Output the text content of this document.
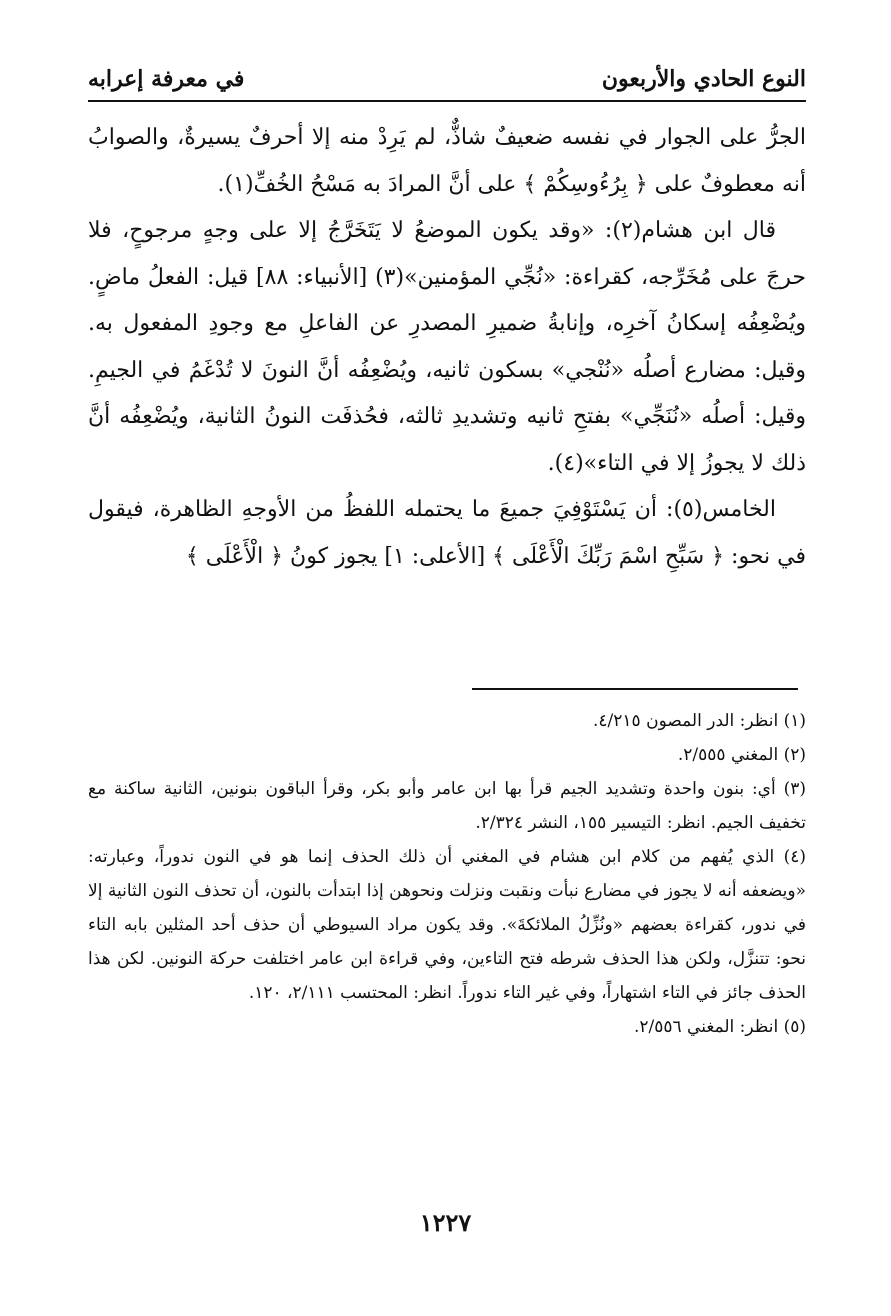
النوع الحادي والأربعون
في معرفة إعرابه

الجرُّ على الجوار في نفسه ضعيفٌ شاذٌّ، لم يَرِدْ منه إلا أحرفٌ يسيرةٌ، والصوابُ أنه معطوفٌ على ﴿ بِرُءُوسِكُمْ ﴾ على أنَّ المرادَ به مَسْحُ الخُفِّ(١).

قال ابن هشام(٢): «وقد يكون الموضعُ لا يَتَخَرَّجُ إلا على وجهٍ مرجوحٍ، فلا حرجَ على مُخَرِّجه، كقراءة: «نُجِّي المؤمنين»(٣) [الأنبياء: ٨٨] قيل: الفعلُ ماضٍ. ويُضْعِفُه إسكانُ آخرِه، وإنابةُ ضميرِ المصدرِ عن الفاعلِ مع وجودِ المفعول به. وقيل: مضارع أصلُه «نُنْجي» بسكون ثانيه، ويُضْعِفُه أنَّ النونَ لا تُدْغَمُ في الجيمِ. وقيل: أصلُه «نُنَجِّي» بفتحِ ثانيه وتشديدِ ثالثه، فحُذفَت النونُ الثانية، ويُضْعِفُه أنَّ ذلك لا يجوزُ إلا في التاء»(٤).

الخامس(٥): أن يَسْتَوْفِيَ جميعَ ما يحتمله اللفظُ من الأوجهِ الظاهرة، فيقول في نحو: ﴿ سَبِّحِ اسْمَ رَبِّكَ الْأَعْلَى ﴾ [الأعلى: ١] يجوز كونُ ﴿ الْأَعْلَى ﴾

(١) انظر: الدر المصون ٤/٢١٥.

(٢) المغني ٢/٥٥٥.

(٣) أي: بنون واحدة وتشديد الجيم قرأ بها ابن عامر وأبو بكر، وقرأ الباقون بنونين، الثانية ساكنة مع تخفيف الجيم. انظر: التيسير ١٥٥، النشر ٢/٣٢٤.

(٤) الذي يُفهم من كلام ابن هشام في المغني أن ذلك الحذف إنما هو في النون ندوراً، وعبارته: «ويضعفه أنه لا يجوز في مضارع نبأت ونقبت ونزلت ونحوهن إذا ابتدأت بالنون، أن تحذف النون الثانية إلا في ندور، كقراءة بعضهم «ونُزِّلُ الملائكةَ». وقد يكون مراد السيوطي أن حذف أحد المثلين بابه التاء نحو: تتنزَّل، ولكن هذا الحذف شرطه فتح التاءين، وفي قراءة ابن عامر اختلفت حركة النونين. لكن هذا الحذف جائز في التاء اشتهاراً، وفي غير التاء ندوراً. انظر: المحتسب ٢/١١١، ١٢٠.

(٥) انظر: المغني ٢/٥٥٦.

١٢٢٧
